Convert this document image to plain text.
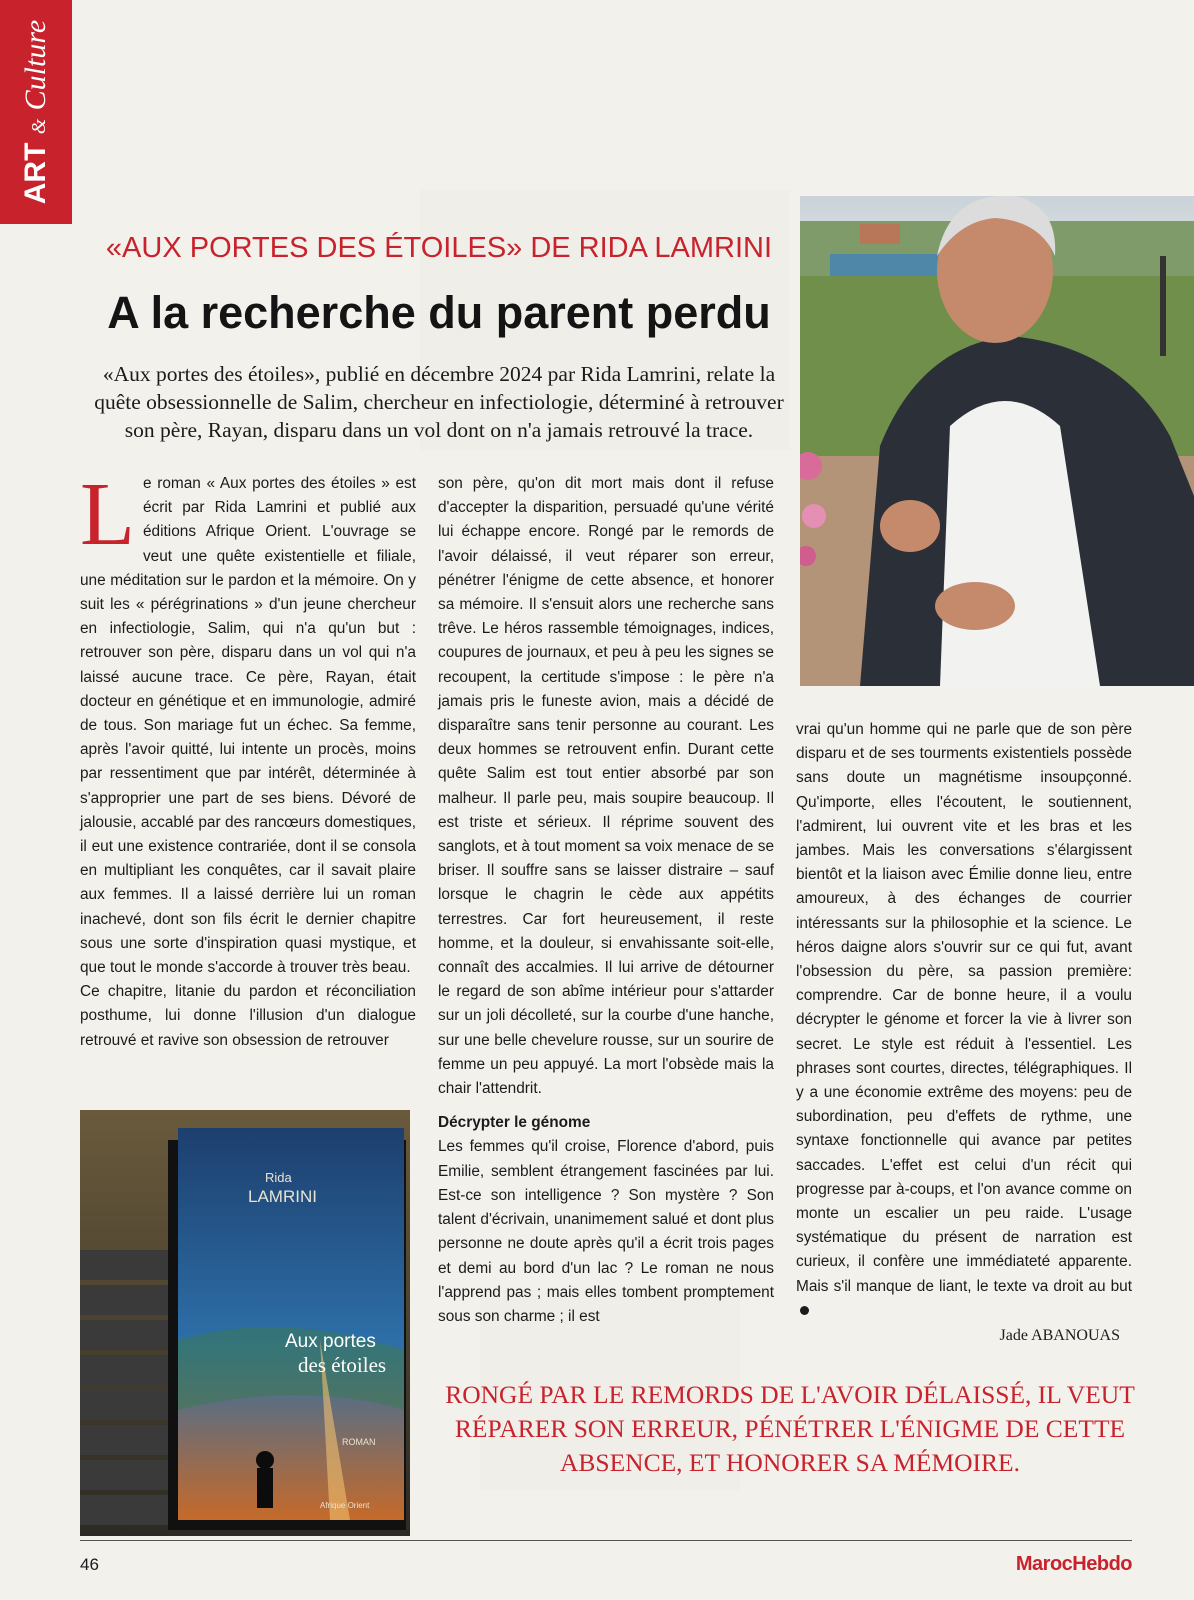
ART & Culture
«AUX PORTES DES ÉTOILES» DE RIDA LAMRINI
A la recherche du parent perdu
«Aux portes des étoiles», publié en décembre 2024 par Rida Lamrini, relate la quête obsessionnelle de Salim, chercheur en infectiologie, déterminé à retrouver son père, Rayan, disparu dans un vol dont on n'a jamais retrouvé la trace.
L e roman « Aux portes des étoiles » est écrit par Rida Lamrini et publié aux éditions Afrique Orient. L'ouvrage se veut une quête existentielle et filiale, une méditation sur le pardon et la mémoire. On y suit les « pérégrinations » d'un jeune chercheur en infectiologie, Salim, qui n'a qu'un but : retrouver son père, disparu dans un vol qui n'a laissé aucune trace. Ce père, Rayan, était docteur en génétique et en immunologie, admiré de tous. Son mariage fut un échec. Sa femme, après l'avoir quitté, lui intente un procès, moins par ressentiment que par intérêt, déterminée à s'approprier une part de ses biens. Dévoré de jalousie, accablé par des rancœurs domestiques, il eut une existence contrariée, dont il se consola en multipliant les conquêtes, car il savait plaire aux femmes. Il a laissé derrière lui un roman inachevé, dont son fils écrit le dernier chapitre sous une sorte d'inspiration quasi mystique, et que tout le monde s'accorde à trouver très beau.

Ce chapitre, litanie du pardon et réconciliation posthume, lui donne l'illusion d'un dialogue retrouvé et ravive son obsession de retrouver

son père, qu'on dit mort mais dont il refuse d'accepter la disparition, persuadé qu'une vérité lui échappe encore. Rongé par le remords de l'avoir délaissé, il veut réparer son erreur, pénétrer l'énigme de cette absence, et honorer sa mémoire. Il s'ensuit alors une recherche sans trêve. Le héros rassemble témoignages, indices, coupures de journaux, et peu à peu les signes se recoupent, la certitude s'impose : le père n'a jamais pris le funeste avion, mais a décidé de disparaître sans tenir personne au courant. Les deux hommes se retrouvent enfin. Durant cette quête Salim est tout entier absorbé par son malheur. Il parle peu, mais soupire beaucoup. Il est triste et sérieux. Il réprime souvent des sanglots, et à tout moment sa voix menace de se briser. Il souffre sans se laisser distraire – sauf lorsque le chagrin le cède aux appétits terrestres. Car fort heureusement, il reste homme, et la douleur, si envahissante soit-elle, connaît des accalmies. Il lui arrive de détourner le regard de son abîme intérieur pour s'attarder sur un joli décolleté, sur la courbe d'une hanche, sur une belle chevelure rousse, sur un sourire de femme un peu appuyé. La mort l'obsède mais la chair l'attendrit.

Décrypter le génome

Les femmes qu'il croise, Florence d'abord, puis Emilie, semblent étrangement fascinées par lui. Est-ce son intelligence ? Son mystère ? Son talent d'écrivain, unanimement salué et dont plus personne ne doute après qu'il a écrit trois pages et demi au bord d'un lac ? Le roman ne nous l'apprend pas ; mais elles tombent promptement sous son charme ; il est

vrai qu'un homme qui ne parle que de son père disparu et de ses tourments existentiels possède sans doute un magnétisme insoupçonné. Qu'importe, elles l'écoutent, le soutiennent, l'admirent, lui ouvrent vite et les bras et les jambes. Mais les conversations s'élargissent bientôt et la liaison avec Émilie donne lieu, entre amoureux, à des échanges de courrier intéressants sur la philosophie et la science. Le héros daigne alors s'ouvrir sur ce qui fut, avant l'obsession du père, sa passion première: comprendre. Car de bonne heure, il a voulu décrypter le génome et forcer la vie à livrer son secret. Le style est réduit à l'essentiel. Les phrases sont courtes, directes, télégraphiques. Il y a une économie extrême des moyens: peu de subordination, peu d'effets de rythme, une syntaxe fonctionnelle qui avance par petites saccades. L'effet est celui d'un récit qui progresse par à-coups, et l'on avance comme on monte un escalier un peu raide. L'usage systématique du présent de narration est curieux, il confère une immédiateté apparente. Mais s'il manque de liant, le texte va droit au but

Jade ABANOUAS
Rida
LAMRINI
Aux portes
des étoiles
ROMAN
Afrique Orient
RONGÉ PAR LE REMORDS DE L'AVOIR DÉLAISSÉ, IL VEUT RÉPARER SON ERREUR, PÉNÉTRER L'ÉNIGME DE CETTE ABSENCE, ET HONORER SA MÉMOIRE.
46	MarocHebdo
